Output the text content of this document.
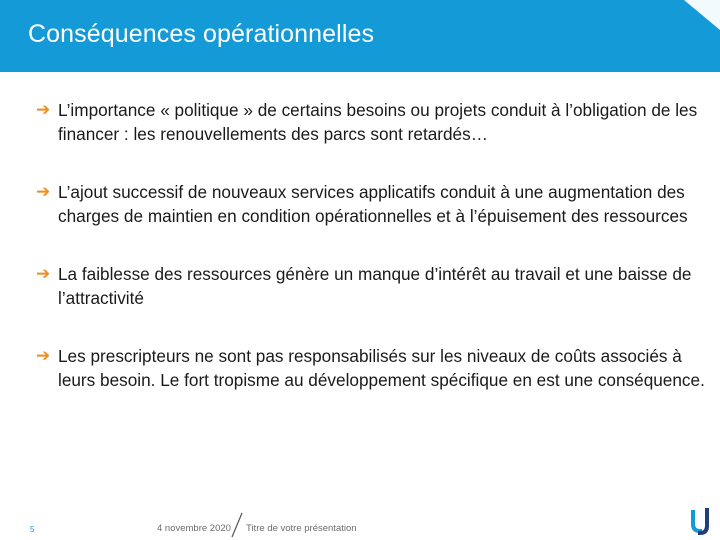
Conséquences opérationnelles
➔ L’importance « politique » de certains besoins ou projets conduit à l’obligation de les financer : les renouvellements des parcs sont retardés…
➔ L’ajout successif de nouveaux services applicatifs conduit à une augmentation des charges de maintien en condition opérationnelles et à l’épuisement des ressources
➔ La faiblesse des ressources génère un manque d’intérêt au travail et une baisse de l’attractivité
➔ Les prescripteurs ne sont pas responsabilisés sur les niveaux de coûts associés à leurs besoin. Le fort tropisme au développement spécifique en est une conséquence.
5	4 novembre 2020 Titre de votre présentation
